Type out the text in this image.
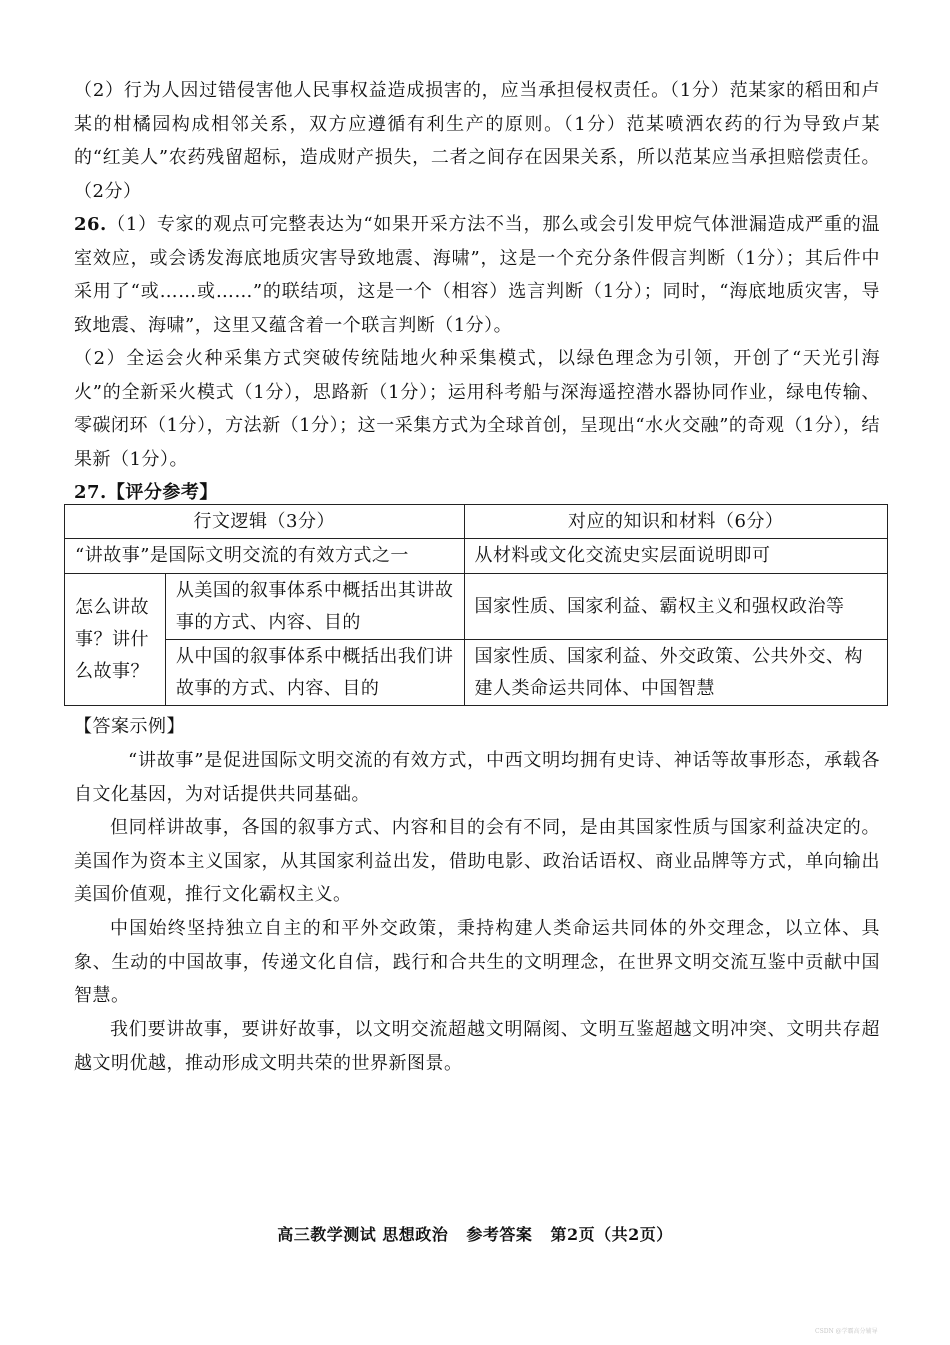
（2）行为人因过错侵害他人民事权益造成损害的，应当承担侵权责任。（1分）范某家的稻田和卢某的柑橘园构成相邻关系，双方应遵循有利生产的原则。（1分）范某喷洒农药的行为导致卢某的“红美人”农药残留超标，造成财产损失，二者之间存在因果关系，所以范某应当承担赔偿责任。（2分）

26.（1）专家的观点可完整表达为“如果开采方法不当，那么或会引发甲烷气体泄漏造成严重的温室效应，或会诱发海底地质灾害导致地震、海啸”，这是一个充分条件假言判断（1分）；其后件中采用了“或……或……”的联结项，这是一个（相容）选言判断（1分）；同时，“海底地质灾害，导致地震、海啸”，这里又蕴含着一个联言判断（1分）。

（2）全运会火种采集方式突破传统陆地火种采集模式，以绿色理念为引领，开创了“天光引海火”的全新采火模式（1分），思路新（1分）；运用科考船与深海遥控潜水器协同作业，绿电传输、零碳闭环（1分），方法新（1分）；这一采集方式为全球首创，呈现出“水火交融”的奇观（1分），结果新（1分）。

27.【评分参考】

行文逻辑（3分）		对应的知识和材料（6分）
“讲故事”是国际文明交流的有效方式之一		从材料或文化交流史实层面说明即可
怎么讲故事？讲什么故事？	从美国的叙事体系中概括出其讲故事的方式、内容、目的	国家性质、国家利益、霸权主义和强权政治等
	从中国的叙事体系中概括出我们讲故事的方式、内容、目的	国家性质、国家利益、外交政策、公共外交、构建人类命运共同体、中国智慧

【答案示例】

“讲故事”是促进国际文明交流的有效方式，中西文明均拥有史诗、神话等故事形态，承载各自文化基因，为对话提供共同基础。

但同样讲故事，各国的叙事方式、内容和目的会有不同，是由其国家性质与国家利益决定的。美国作为资本主义国家，从其国家利益出发，借助电影、政治话语权、商业品牌等方式，单向输出美国价值观，推行文化霸权主义。

中国始终坚持独立自主的和平外交政策，秉持构建人类命运共同体的外交理念，以立体、具象、生动的中国故事，传递文化自信，践行和合共生的文明理念，在世界文明交流互鉴中贡献中国智慧。

我们要讲故事，要讲好故事，以文明交流超越文明隔阂、文明互鉴超越文明冲突、文明共存超越文明优越，推动形成文明共荣的世界新图景。

高三教学测试 思想政治 参考答案 第2页（共2页）
CSDN @学霸高分辅导
